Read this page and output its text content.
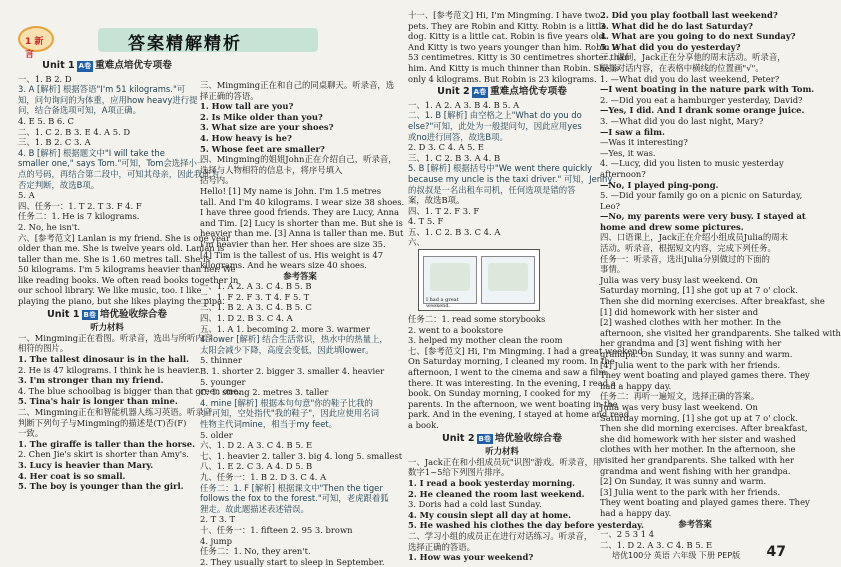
1 新言
答案精解精析
Unit 1 A卷 重难点培优专项卷
一、1. B 2. D
3. A [解析] 根据答语"I'm 51 kilograms."可
知，问句询问的为体重，应用how heavy进行提
问，结合备选项可知，A项正确。
4. E 5. B 6. C
二、1. C 2. B 3. E 4. A 5. D
三、1. B 2. C 3. A
4. B [解析] 根据题文中"I will take the
smaller one," says Tom."可知，Tom会选择小一
点的号码，再结合第二段中，可知其母亲，因此我此为
否定判断，故选B项。
5. A
四、任务一：1. T 2. T 3. F 4. F
任务二：1. He is 7 kilograms.
2. No, he isn't.
六、[参考范文] Lanlan is my friend. She is one year
older than me. She is twelve years old. Lanlan is
taller than me. She is 1.60 metres tall. She is
50 kilograms. I'm 5 kilograms heavier than her. We
like reading books. We often read books together in
our school library. We like music, too. I like
playing the piano, but she likes playing the pipa.
Unit 1 B卷 培优验收综合卷
听力材料
一、Mingming正在看图。听录音，选出与所听内容
相符的图片。
1. The tallest dinosaur is in the hall.
2. He is 47 kilograms. I think he is heavier.
3. I'm stronger than my friend.
4. The blue schoolbag is bigger than that green one.
5. Tina's hair is longer than mine.
二、Mingming正在和智能机器人练习英语。听录音，
判断下列句子与Mingming的描述是(T)否(F)
一致。
1. The giraffe is taller than the horse.
2. Chen Jie's skirt is shorter than Amy's.
3. Lucy is heavier than Mary.
4. Her coat is so small.
5. The boy is younger than the girl.
三、Mingming正在和自己的同桌聊天。听录音，选
择正确的答语。
1. How tall are you?
2. Is Mike older than you?
3. What size are your shoes?
4. How heavy is he?
5. Whose feet are smaller?
四、Mingming的姐姐John正在介绍自己，听录音，
选择与人物相符的信息卡，将序号填入
括号内。
Hello! [1] My name is John. I'm 1.5 metres
tall. And I'm 40 kilograms. I wear size 38 shoes.
I have three good friends. They are Lucy, Anna
and Tim. [2] Lucy is shorter than me. But she is
heavier than me. [3] Anna is taller than me. But
I'm heavier than her. Her shoes are size 35.
[4] Tim is the tallest of us. His weight is 47
kilograms. And he wears size 40 shoes.
参考答案
一、1. A 2. A 3. C 4. B 5. B
二、1. F 2. F 3. T 4. F 5. T
三、1. B 2. A 3. C 4. B 5. C
四、1. D 2. B 3. C 4. A
五、1. A 1. becoming 2. more 3. warmer
4. lower [解析] 结合生活常识，热水中的热量上，
太阳会减少下降，高度会变低，因此填lower。
5. thinner
B. 1. shorter 2. bigger 3. smaller 4. heavier
5. younger
C. 1. strong 2. metres 3. taller
4. mine [解析] 根据本句句意"你的鞋子比我的
小"可知，空处指代"我的鞋子"，因此应使用名词
性物主代词mine，相当于my feet。
5. older
六、1. D 2. A 3. C 4. B 5. E
七、1. heavier 2. taller 3. big 4. long 5. smallest
八、1. E 2. C 3. A 4. D 5. B
九、任务一：1. B 2. D 3. C 4. A
任务二：1. F [解析] 根据课文中"Then the tiger
follows the fox to the forest."可知，老虎跟着狐
狸走。故此题描述表述错误。
2. T 3. T
十、任务一：1. fifteen 2. 95 3. brown
4. jump
任务二：1. No, they aren't.
2. They usually start to sleep in September.
十一、[参考范文] Hi, I'm Mingming. I have two
pets. They are Robin and Kitty. Robin is a little
dog. Kitty is a little cat. Robin is five years old.
And Kitty is two years younger than him. Robin is
53 centimetres. Kitty is 30 centimetres shorter than
him. And Kitty is much thinner than Robin. She is
only 4 kilograms. But Robin is 23 kilograms.
Unit 2 A卷 重难点培优专项卷
一、1. A 2. A 3. B 4. B 5. A
二、1. B [解析] 由空格之上"What do you do
else?"可知，此处为一般提问句，因此应用yes
或no进行回答，故选B项。
2. D 3. C 4. A 5. E
三、1. C 2. B 3. A 4. B
5. B [解析] 根据括号中"We went there quickly
because my uncle is the taxi driver." 可知，Jenny
的叔叔是一名出租车司机，任何选项是错的答
案，故选B项。
四、1. T 2. F 3. F
4. T 5. F
五、1. C 2. B 3. C 4. A
六、
I had a great weekend.
任务二：1. read some storybooks
2. went to a bookstore
3. helped my mother clean the room
七、[参考范文] Hi, I'm Mingming. I had a great weekend.
On Saturday morning, I cleaned my room. In the
afternoon, I went to the cinema and saw a film
there. It was interesting. In the evening, I read a
book. On Sunday morning, I cooked for my
parents. In the afternoon, we went boating in the
park. And in the evening, I stayed at home and read
a book.
Unit 2 B卷 培优验收综合卷
听力材料
一、Jack正在和小组成员玩"识图"游戏。听录音，用
数字1~5给下列图片排序。
1. I read a book yesterday morning.
2. He cleaned the room last weekend.
3. Doris had a cold last Sunday.
4. My cousin slept all day at home.
5. He washed his clothes the day before yesterday.
二、学习小组的成员正在进行对话练习。听录音，
选择正确的答语。
1. How was your weekend?
2. Did you play football last weekend?
3. What did he do last Saturday?
4. What are you going to do next Sunday?
5. What did you do yesterday?
三、课间，Jack正在分享他的周末活动。听录音，
根据对话内容，在表格中横线的位置画"√"。
1. —What did you do last weekend, Peter?
—I went boating in the nature park with Tom.
2. —Did you eat a hamburger yesterday, David?
—Yes, I did. And I drank some orange juice.
3. —What did you do last night, Mary?
—I saw a film.
—Was it interesting?
—Yes, it was.
4. —Lucy, did you listen to music yesterday
afternoon?
—No, I played ping-pong.
5. —Did your family go on a picnic on Saturday,
Leo?
—No, my parents were very busy. I stayed at
home and drew some pictures.
四、口语课上，Jack正在介绍小组成员Julia的周末
活动。听录音，根据短文内容，完成下列任务。
任务一：听录音，选出Julia分别做过的下面的
事情。
Julia was very busy last weekend. On
Saturday morning, [1] she got up at 7 o' clock.
Then she did morning exercises. After breakfast, she
[1] did homework with her sister and
[2] washed clothes with her mother. In the
afternoon, she visited her grandparents. She talked with
her grandma and [3] went fishing with her
grandpa. On Sunday, it was sunny and warm.
[4] Julia went to the park with her friends.
They went boating and played games there. They
had a happy day.
任务二：再听一遍短文，选择正确的答案。
Julia was very busy last weekend. On
Saturday morning, [1] she got up at 7 o' clock.
Then she did morning exercises. After breakfast,
she did homework with her sister and washed
clothes with her mother. In the afternoon, she
visited her grandparents. She talked with her
grandma and went fishing with her grandpa.
[2] On Sunday, it was sunny and warm.
[3] Julia went to the park with her friends.
They went boating and played games there. They
had a happy day.
参考答案
一、2 5 3 1 4
二、1. D 2. A 3. C 4. B 5. E
培优100分 英语 六年级 下册 PEP版 47
